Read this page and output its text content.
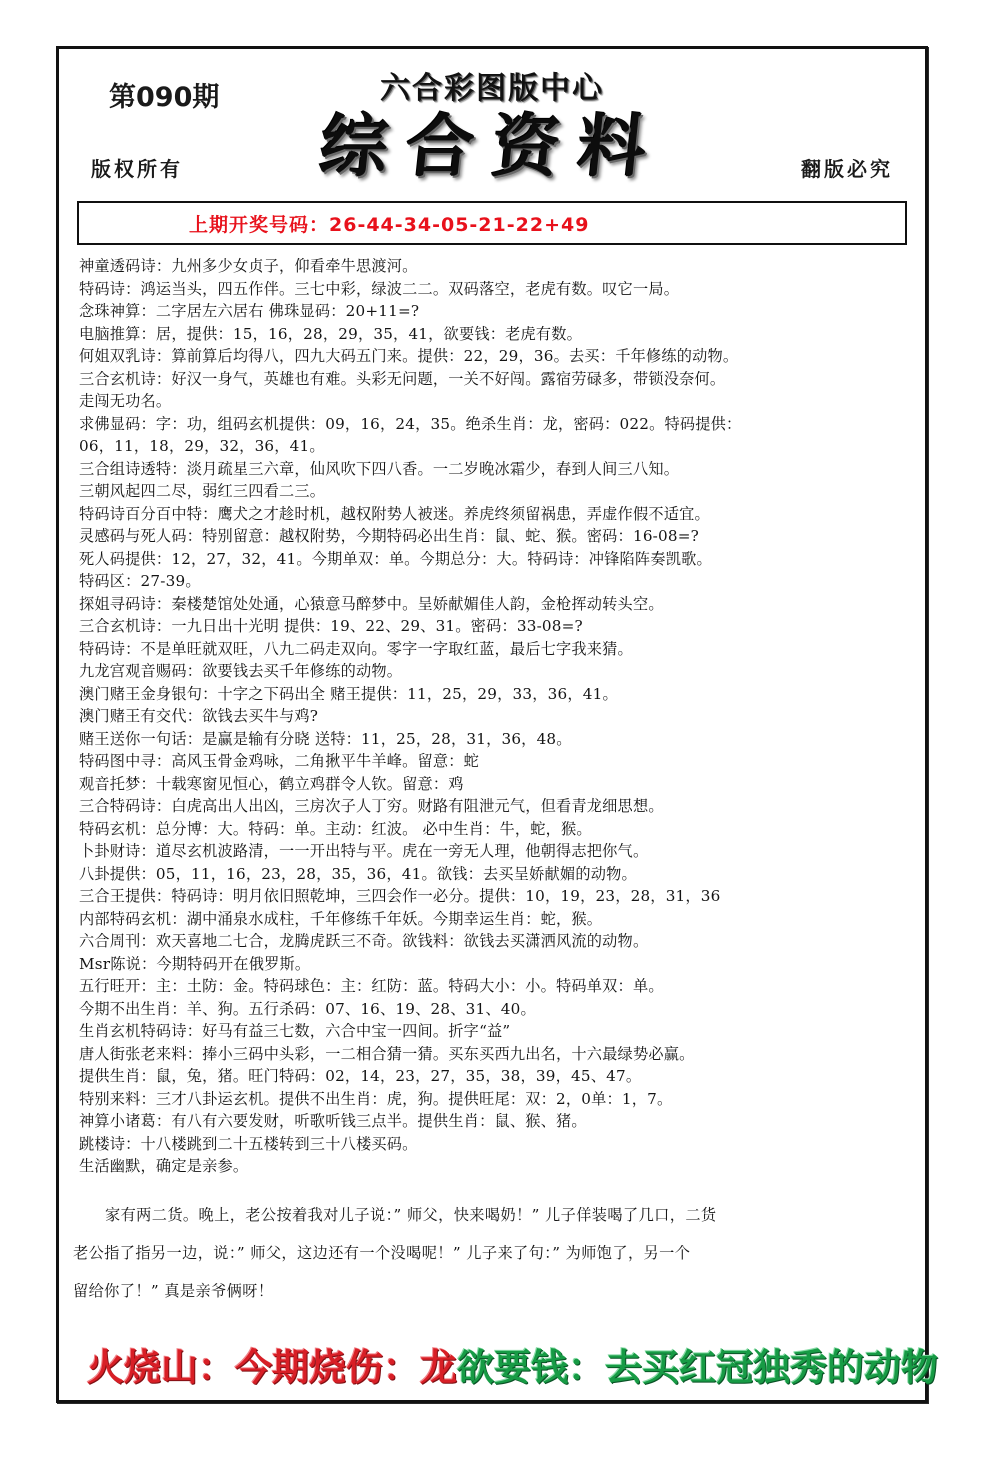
第090期	六合彩图版中心
综合资料
版权所有	翻版必究
上期开奖号码：26-44-34-05-21-22+49
神童透码诗：九州多少女贞子，仰看牵牛思渡河。
特码诗：鸿运当头，四五作伴。三七中彩，绿波二二。双码落空，老虎有数。叹它一局。
念珠神算：二字居左六居右 佛珠显码：20+11=?
电脑推算：居，提供：15，16，28，29，35，41，欲要钱：老虎有数。
何姐双乳诗：算前算后均得八，四九大码五门来。提供：22，29，36。去买：千年修练的动物。
三合玄机诗：好汉一身气，英雄也有难。头彩无问题，一关不好闯。露宿劳碌多，带锁没奈何。
走闯无功名。
求佛显码：字：功，组码玄机提供：09，16，24，35。绝杀生肖：龙，密码：022。特码提供：
06，11，18，29，32，36，41。
三合组诗透特：淡月疏星三六章，仙风吹下四八香。一二岁晚冰霜少，春到人间三八知。
三朝风起四二尽，弱红三四看二三。
特码诗百分百中特：鹰犬之才趁时机，越权附势人被迷。养虎终须留祸患，弄虚作假不适宜。
灵感码与死人码：特别留意：越权附势，今期特码必出生肖：鼠、蛇、猴。密码：16-08=?
死人码提供：12，27，32，41。今期单双：单。今期总分：大。特码诗：冲锋陷阵奏凯歌。
特码区：27-39。
探姐寻码诗：秦楼楚馆处处通，心猿意马醉梦中。呈娇献媚佳人韵，金枪挥动转头空。
三合玄机诗：一九日出十光明 提供：19、22、29、31。密码：33-08=?
特码诗：不是单旺就双旺，八九二码走双向。零字一字取红蓝，最后七字我来猜。
九龙宫观音赐码：欲要钱去买千年修练的动物。
澳门赌王金身银句：十字之下码出全 赌王提供：11，25，29，33，36，41。
澳门赌王有交代：欲钱去买牛与鸡?
赌王送你一句话：是赢是输有分晓 送特：11，25，28，31，36，48。
特码图中寻：高风玉骨金鸡咏，二角揪平牛羊峰。留意：蛇
观音托梦：十载寒窗见恒心，鹤立鸡群令人钦。留意：鸡
三合特码诗：白虎高出人出凶，三房次子人丁穷。财路有阻泄元气，但看青龙细思想。
特码玄机：总分博：大。特码：单。主动：红波。 必中生肖：牛，蛇，猴。
卜卦财诗：道尽玄机波路清，一一开出特与平。虎在一旁无人理，他朝得志把你气。
八卦提供：05，11，16，23，28，35，36，41。欲钱：去买呈娇献媚的动物。
三合王提供：特码诗：明月依旧照乾坤，三四会作一必分。提供：10，19，23，28，31，36
内部特码玄机：湖中涌泉水成柱，千年修练千年妖。今期幸运生肖：蛇，猴。
六合周刊：欢天喜地二七合，龙腾虎跃三不奇。欲钱料：欲钱去买潇洒风流的动物。
Msr陈说：今期特码开在俄罗斯。
五行旺开：主：土防：金。特码球色：主：红防：蓝。特码大小：小。特码单双：单。
今期不出生肖：羊、狗。五行杀码：07、16、19、28、31、40。
生肖玄机特码诗：好马有益三七数，六合中宝一四间。折字“益”
唐人街张老来料：捧小三码中头彩，一二相合猜一猜。买东买西九出名，十六最绿势必赢。
提供生肖：鼠，兔，猪。旺门特码：02，14，23，27，35，38，39，45、47。
特别来料：三才八卦运玄机。提供不出生肖：虎，狗。提供旺尾：双：2，0单：1，7。
神算小诸葛：有八有六要发财，听歌听钱三点半。提供生肖：鼠、猴、猪。
跳楼诗：十八楼跳到二十五楼转到三十八楼买码。
生活幽默，确定是亲参。
家有两二货。晚上，老公按着我对儿子说：” 师父，快来喝奶！” 儿子佯装喝了几口，二货
老公指了指另一边，说：” 师父，这边还有一个没喝呢！” 儿子来了句：” 为师饱了，另一个
留给你了！” 真是亲爷俩呀！
火烧山： 今期烧伤： 龙 欲要钱： 去买红冠独秀的动物
